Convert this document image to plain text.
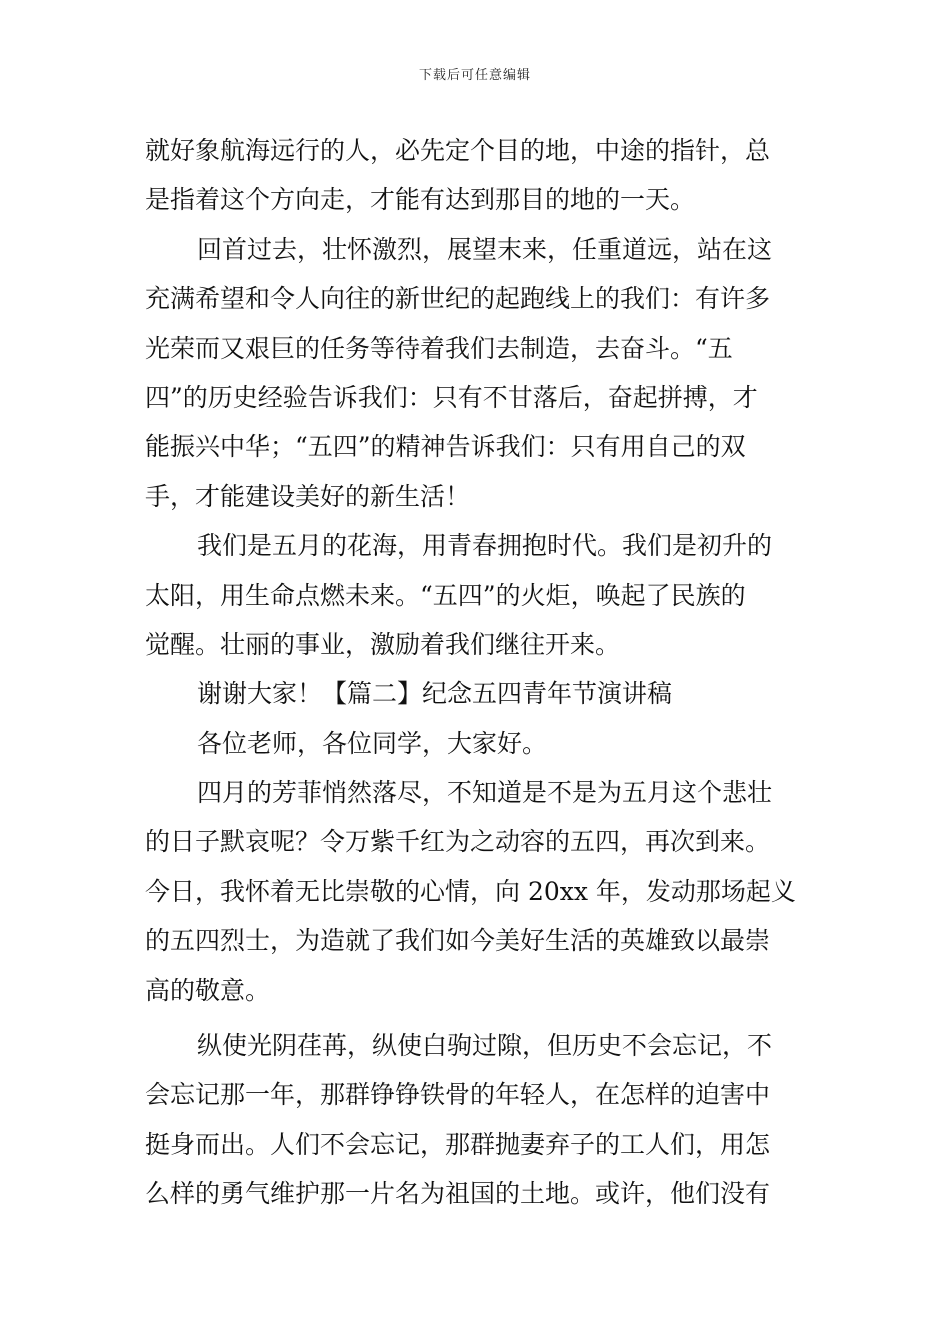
下载后可任意编辑
就好象航海远行的人，必先定个目的地，中途的指针，总
是指着这个方向走，才能有达到那目的地的一天。
回首过去，壮怀激烈，展望末来，任重道远，站在这
充满希望和令人向往的新世纪的起跑线上的我们：有许多
光荣而又艰巨的任务等待着我们去制造，去奋斗。“五
四”的历史经验告诉我们：只有不甘落后，奋起拼搏，才
能振兴中华；“五四”的精神告诉我们：只有用自己的双
手，才能建设美好的新生活！
我们是五月的花海，用青春拥抱时代。我们是初升的
太阳，用生命点燃未来。“五四”的火炬，唤起了民族的
觉醒。壮丽的事业，激励着我们继往开来。
谢谢大家！【篇二】纪念五四青年节演讲稿
各位老师，各位同学，大家好。
四月的芳菲悄然落尽，不知道是不是为五月这个悲壮
的日子默哀呢？令万紫千红为之动容的五四，再次到来。
今日，我怀着无比崇敬的心情，向 20xx 年，发动那场起义
的五四烈士，为造就了我们如今美好生活的英雄致以最崇
高的敬意。
纵使光阴荏苒，纵使白驹过隙，但历史不会忘记，不
会忘记那一年，那群铮铮铁骨的年轻人，在怎样的迫害中
挺身而出。人们不会忘记，那群抛妻弃子的工人们，用怎
么样的勇气维护那一片名为祖国的土地。或许，他们没有
